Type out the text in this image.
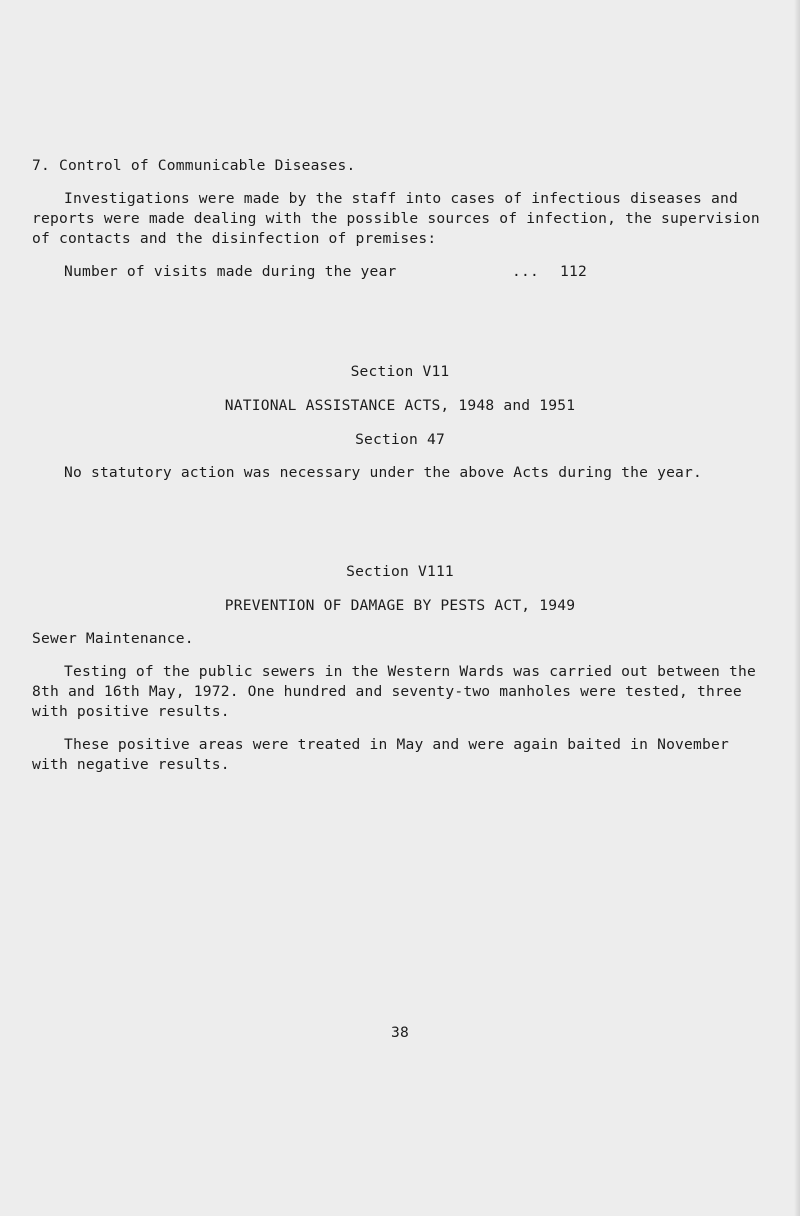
7. Control of Communicable Diseases.
Investigations were made by the staff into cases of infectious diseases and
reports were made dealing with the possible sources of infection, the supervision
of contacts and the disinfection of premises:
Number of visits made during the year	... 112
Section V11
NATIONAL ASSISTANCE ACTS, 1948 and 1951
Section 47
No statutory action was necessary under the above Acts during the year.
Section V111
PREVENTION OF DAMAGE BY PESTS ACT, 1949
Sewer Maintenance.
Testing of the public sewers in the Western Wards was carried out between the
8th and 16th May, 1972. One hundred and seventy-two manholes were tested, three
with positive results.
These positive areas were treated in May and were again baited in November
with negative results.
38
